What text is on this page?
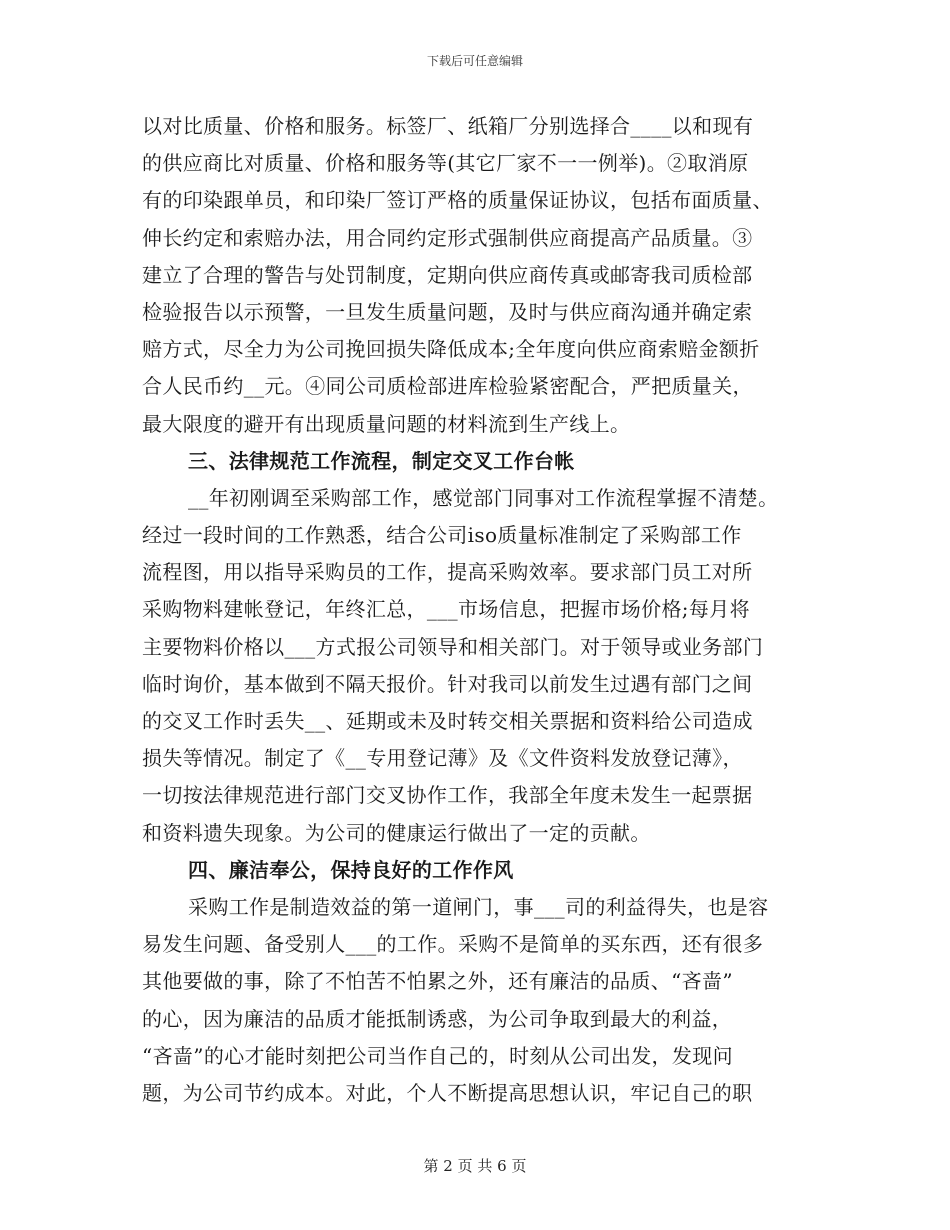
下载后可任意编辑
以对比质量、价格和服务。标签厂、纸箱厂分别选择合____以和现有
的供应商比对质量、价格和服务等(其它厂家不一一例举)。②取消原
有的印染跟单员，和印染厂签订严格的质量保证协议，包括布面质量、
伸长约定和索赔办法，用合同约定形式强制供应商提高产品质量。③
建立了合理的警告与处罚制度，定期向供应商传真或邮寄我司质检部
检验报告以示预警，一旦发生质量问题，及时与供应商沟通并确定索
赔方式，尽全力为公司挽回损失降低成本;全年度向供应商索赔金额折
合人民币约__元。④同公司质检部进库检验紧密配合，严把质量关，
最大限度的避开有出现质量问题的材料流到生产线上。
三、法律规范工作流程，制定交叉工作台帐
__年初刚调至采购部工作，感觉部门同事对工作流程掌握不清楚。
经过一段时间的工作熟悉，结合公司iso质量标准制定了采购部工作
流程图，用以指导采购员的工作，提高采购效率。要求部门员工对所
采购物料建帐登记，年终汇总，___市场信息，把握市场价格;每月将
主要物料价格以___方式报公司领导和相关部门。对于领导或业务部门
临时询价，基本做到不隔天报价。针对我司以前发生过遇有部门之间
的交叉工作时丢失__、延期或未及时转交相关票据和资料给公司造成
损失等情况。制定了《__专用登记薄》及《文件资料发放登记薄》，
一切按法律规范进行部门交叉协作工作，我部全年度未发生一起票据
和资料遗失现象。为公司的健康运行做出了一定的贡献。
四、廉洁奉公，保持良好的工作作风
采购工作是制造效益的第一道闸门，事___司的利益得失，也是容
易发生问题、备受别人___的工作。采购不是简单的买东西，还有很多
其他要做的事，除了不怕苦不怕累之外，还有廉洁的品质、“吝啬”
的心，因为廉洁的品质才能抵制诱惑，为公司争取到最大的利益，
“吝啬”的心才能时刻把公司当作自己的，时刻从公司出发，发现问
题，为公司节约成本。对此，个人不断提高思想认识，牢记自己的职
第 2 页 共 6 页
